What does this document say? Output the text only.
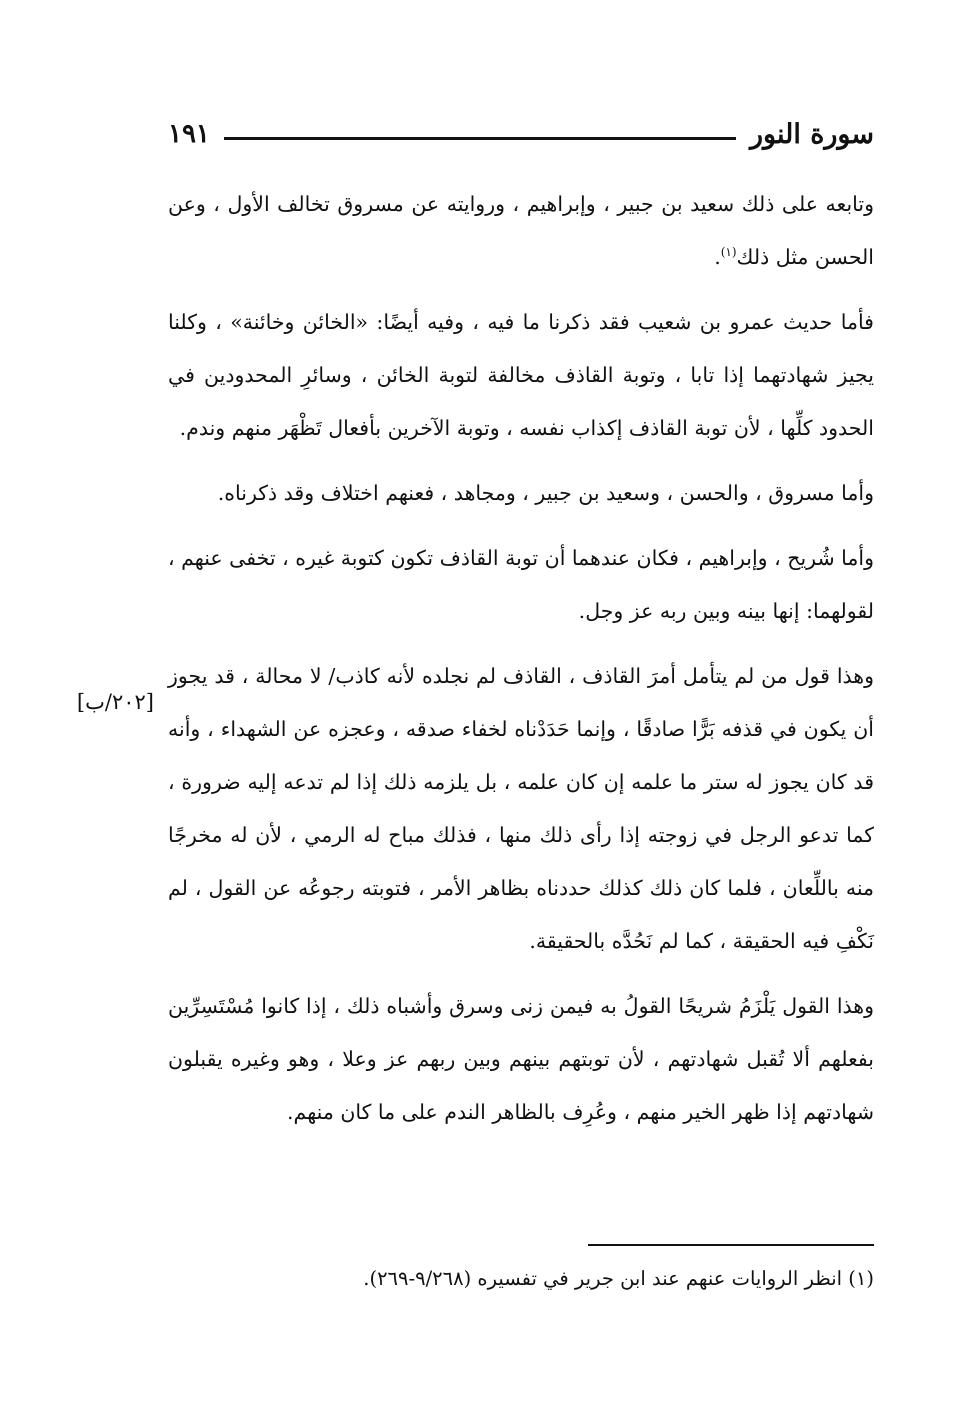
سورة النور
١٩١
[٢٠٢/ب]
وتابعه على ذلك سعيد بن جبير ، وإبراهيم ، وروايته عن مسروق تخالف الأول ، وعن الحسن مثل ذلك$^{(١)}$.
فأما حديث عمرو بن شعيب فقد ذكرنا ما فيه ، وفيه أيضًا: «الخائن وخائنة» ، وكلنا يجيز شهادتهما إذا تابا ، وتوبة القاذف مخالفة لتوبة الخائن ، وسائرِ المحدودين في الحدود كلِّها ، لأن توبة القاذف إكذاب نفسه ، وتوبة الآخرين بأفعال تَظْهَر منهم وندم.
وأما مسروق ، والحسن ، وسعيد بن جبير ، ومجاهد ، فعنهم اختلاف وقد ذكرناه.
وأما شُريح ، وإبراهيم ، فكان عندهما أن توبة القاذف تكون كتوبة غيره ، تخفى عنهم ، لقولهما: إنها بينه وبين ربه عز وجل.
وهذا قول من لم يتأمل أمرَ القاذف ، القاذف لم نجلده لأنه كاذب/ لا محالة ، قد يجوز أن يكون في قذفه بَرًّا صادقًا ، وإنما حَدَدْناه لخفاء صدقه ، وعجزه عن الشهداء ، وأنه قد كان يجوز له ستر ما علمه إن كان علمه ، بل يلزمه ذلك إذا لم تدعه إليه ضرورة ، كما تدعو الرجل في زوجته إذا رأى ذلك منها ، فذلك مباح له الرمي ، لأن له مخرجًا منه باللِّعان ، فلما كان ذلك كذلك حددناه بظاهر الأمر ، فتوبته رجوعُه عن القول ، لم نَكْفِ فيه الحقيقة ، كما لم نَحُدَّه بالحقيقة.
وهذا القول يَلْزَمُ شريحًا القولُ به فيمن زنى وسرق وأشباه ذلك ، إذا كانوا مُسْتَسِرِّين بفعلهم ألا تُقبل شهادتهم ، لأن توبتهم بينهم وبين ربهم عز وعلا ، وهو وغيره يقبلون شهادتهم إذا ظهر الخير منهم ، وعُرِف بالظاهر الندم على ما كان منهم.
(١) انظر الروايات عنهم عند ابن جرير في تفسيره (٩/٢٦٨-٢٦٩).
